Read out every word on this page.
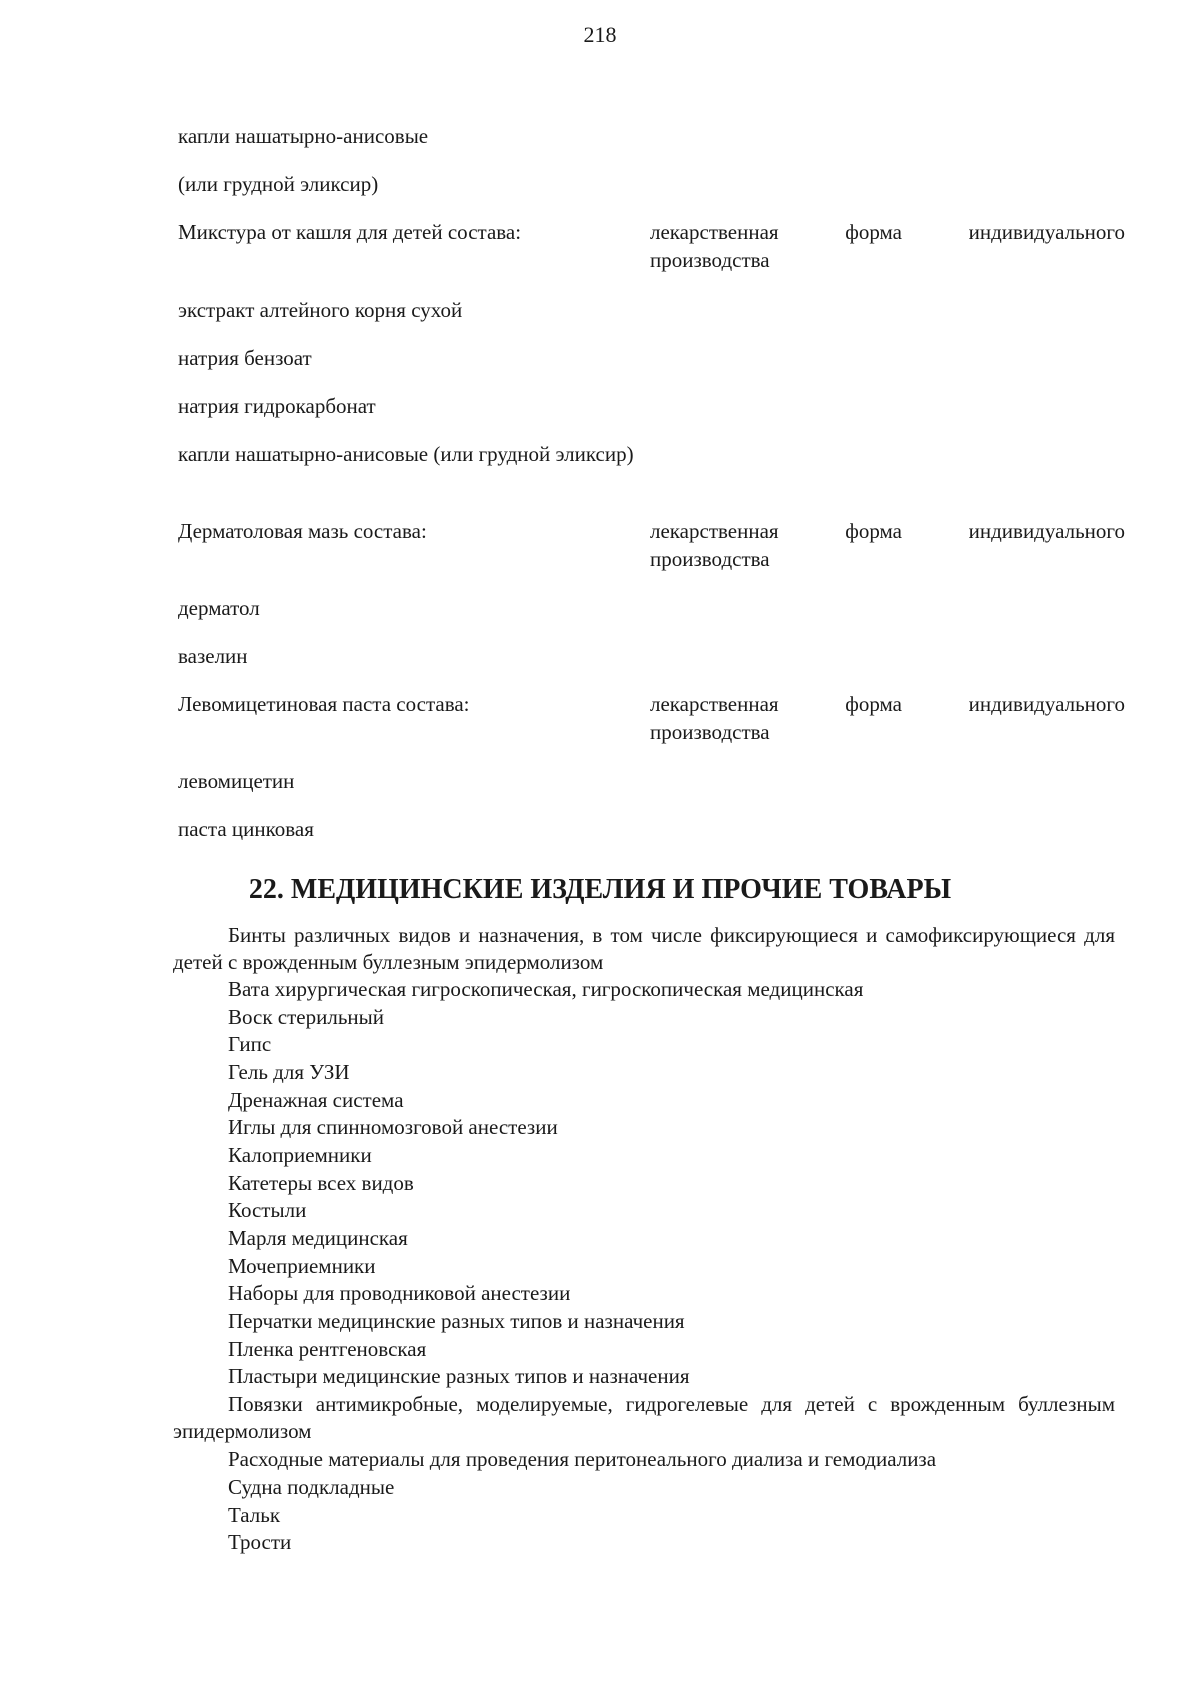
218
капли нашатырно-анисовые
(или грудной эликсир)
Микстура от кашля для детей состава:	лекарственная	форма	индивидуального
производства
экстракт алтейного корня сухой
натрия бензоат
натрия гидрокарбонат
капли нашатырно-анисовые (или грудной эликсир)
Дерматоловая мазь состава:	лекарственная	форма	индивидуального
производства
дерматол
вазелин
Левомицетиновая паста состава:	лекарственная	форма	индивидуального
производства
левомицетин
паста цинковая
22. МЕДИЦИНСКИЕ ИЗДЕЛИЯ И ПРОЧИЕ ТОВАРЫ
Бинты различных видов и назначения, в том числе фиксирующиеся и самофиксирующиеся для детей с врожденным буллезным эпидермолизом
Вата хирургическая гигроскопическая, гигроскопическая медицинская
Воск стерильный
Гипс
Гель для УЗИ
Дренажная система
Иглы для спинномозговой анестезии
Калоприемники
Катетеры всех видов
Костыли
Марля медицинская
Мочеприемники
Наборы для проводниковой анестезии
Перчатки медицинские разных типов и назначения
Пленка рентгеновская
Пластыри медицинские разных типов и назначения
Повязки антимикробные, моделируемые, гидрогелевые для детей с врожденным буллезным эпидермолизом
Расходные материалы для проведения перитонеального диализа и гемодиализа
Судна подкладные
Тальк
Трости
